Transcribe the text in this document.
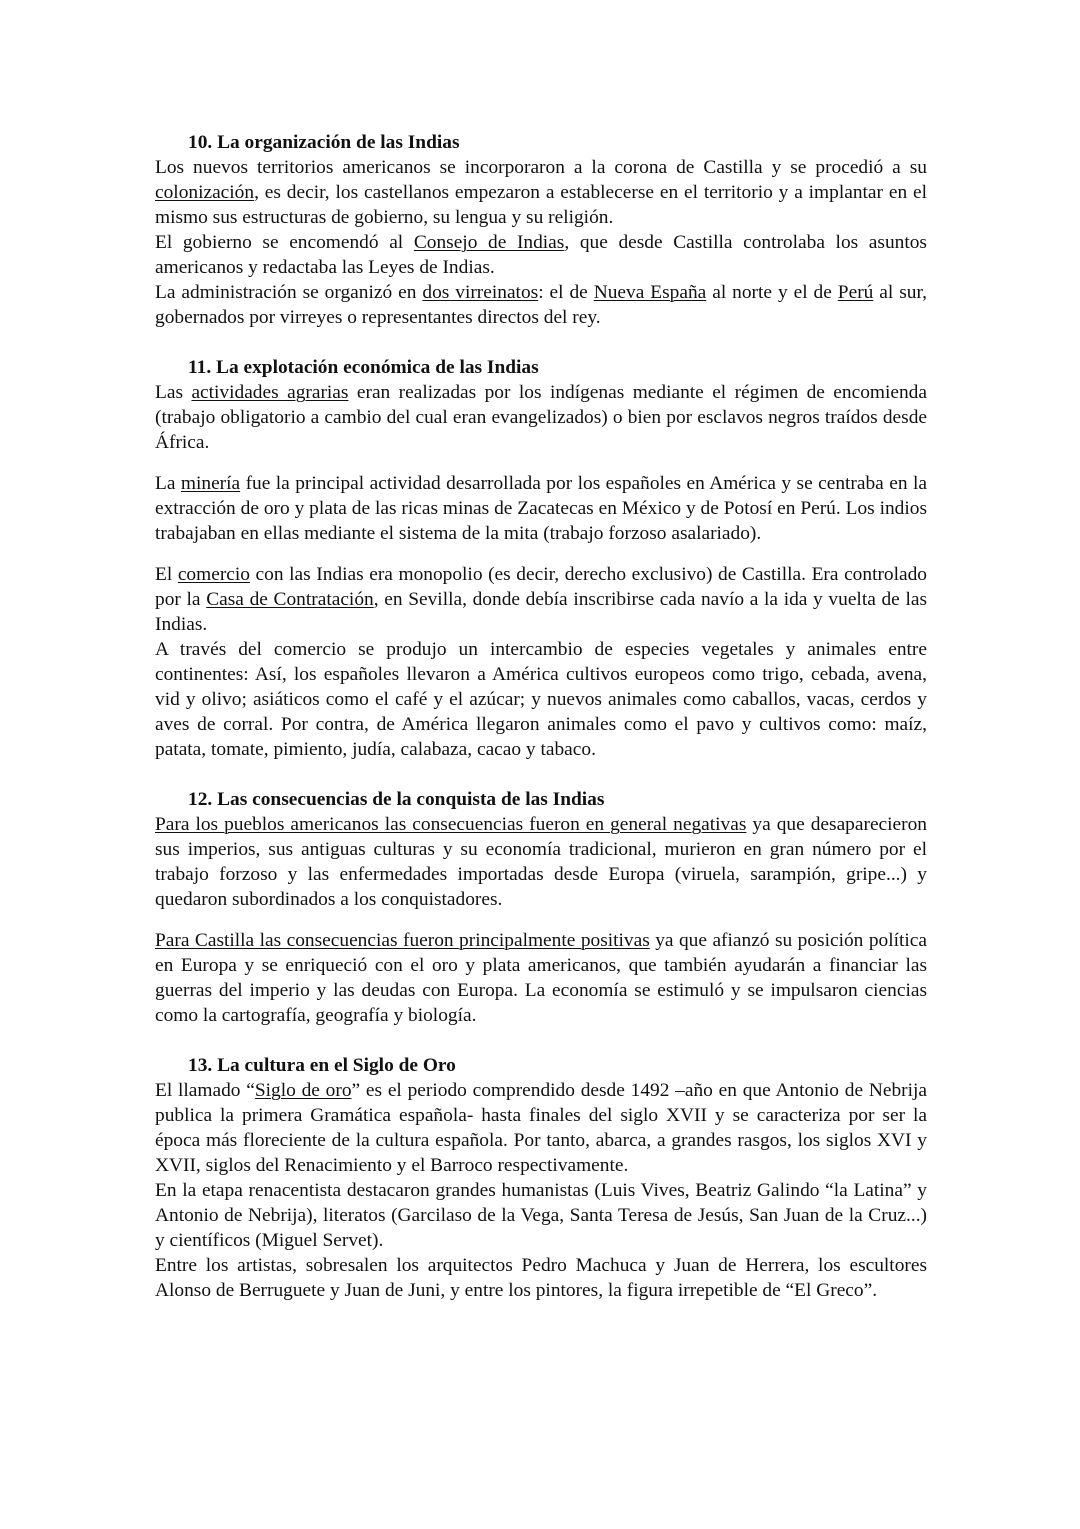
10. La organización de las Indias

Los nuevos territorios americanos se incorporaron a la corona de Castilla y se procedió a su colonización, es decir, los castellanos empezaron a establecerse en el territorio y a implantar en el mismo sus estructuras de gobierno, su lengua y su religión.

El gobierno se encomendó al Consejo de Indias, que desde Castilla controlaba los asuntos americanos y redactaba las Leyes de Indias.

La administración se organizó en dos virreinatos: el de Nueva España al norte y el de Perú al sur, gobernados por virreyes o representantes directos del rey.

11. La explotación económica de las Indias

Las actividades agrarias eran realizadas por los indígenas mediante el régimen de encomienda (trabajo obligatorio a cambio del cual eran evangelizados) o bien por esclavos negros traídos desde África.

La minería fue la principal actividad desarrollada por los españoles en América y se centraba en la extracción de oro y plata de las ricas minas de Zacatecas en México y de Potosí en Perú. Los indios trabajaban en ellas mediante el sistema de la mita (trabajo forzoso asalariado).

El comercio con las Indias era monopolio (es decir, derecho exclusivo) de Castilla. Era controlado por la Casa de Contratación, en Sevilla, donde debía inscribirse cada navío a la ida y vuelta de las Indias.

A través del comercio se produjo un intercambio de especies vegetales y animales entre continentes: Así, los españoles llevaron a América cultivos europeos como trigo, cebada, avena, vid y olivo; asiáticos como el café y el azúcar; y nuevos animales como caballos, vacas, cerdos y aves de corral. Por contra, de América llegaron animales como el pavo y cultivos como: maíz, patata, tomate, pimiento, judía, calabaza, cacao y tabaco.

12. Las consecuencias de la conquista de las Indias

Para los pueblos americanos las consecuencias fueron en general negativas ya que desaparecieron sus imperios, sus antiguas culturas y su economía tradicional, murieron en gran número por el trabajo forzoso y las enfermedades importadas desde Europa (viruela, sarampión, gripe...) y quedaron subordinados a los conquistadores.

Para Castilla las consecuencias fueron principalmente positivas ya que afianzó su posición política en Europa y se enriqueció con el oro y plata americanos, que también ayudarán a financiar las guerras del imperio y las deudas con Europa. La economía se estimuló y se impulsaron ciencias como la cartografía, geografía y biología.

13. La cultura en el Siglo de Oro

El llamado “Siglo de oro” es el periodo comprendido desde 1492 –año en que Antonio de Nebrija publica la primera Gramática española- hasta finales del siglo XVII y se caracteriza por ser la época más floreciente de la cultura española. Por tanto, abarca, a grandes rasgos, los siglos XVI y XVII, siglos del Renacimiento y el Barroco respectivamente.

En la etapa renacentista destacaron grandes humanistas (Luis Vives, Beatriz Galindo “la Latina” y Antonio de Nebrija), literatos (Garcilaso de la Vega, Santa Teresa de Jesús, San Juan de la Cruz...) y científicos (Miguel Servet).

Entre los artistas, sobresalen los arquitectos Pedro Machuca y Juan de Herrera, los escultores Alonso de Berruguete y Juan de Juni, y entre los pintores, la figura irrepetible de “El Greco”.
